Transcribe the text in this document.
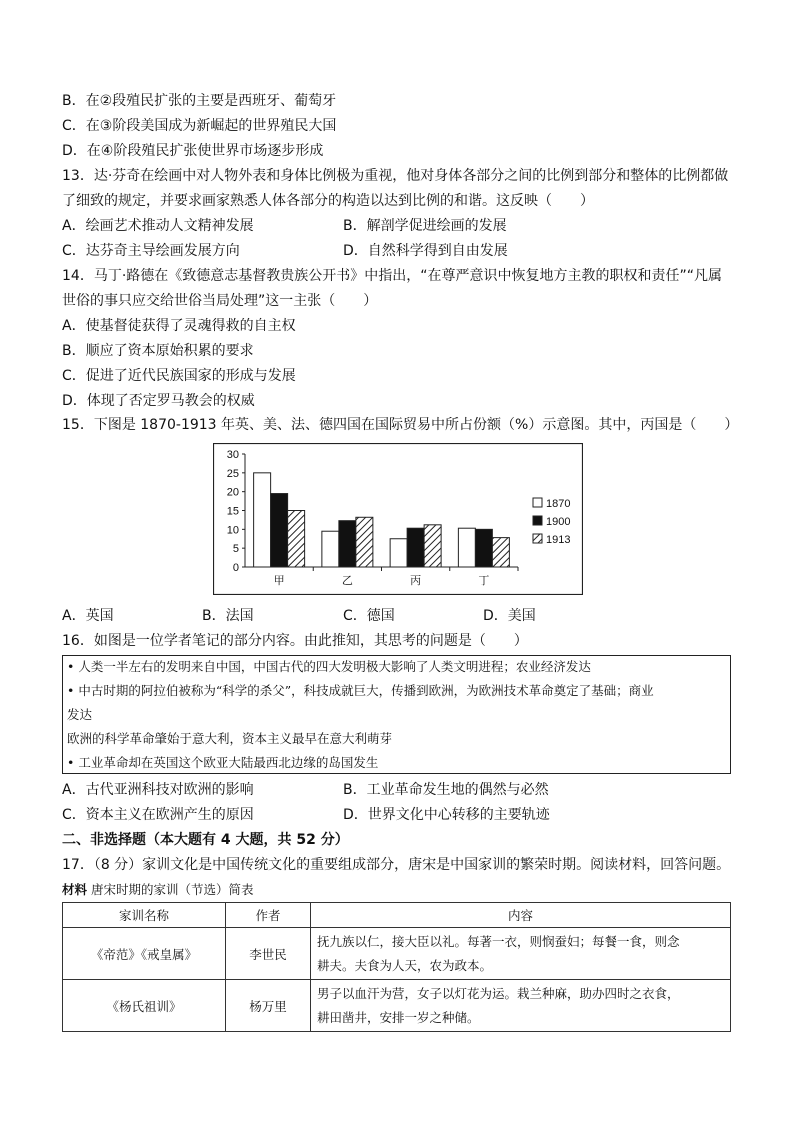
B．在②段殖民扩张的主要是西班牙、葡萄牙
C．在③阶段美国成为新崛起的世界殖民大国
D．在④阶段殖民扩张使世界市场逐步形成
13．达·芬奇在绘画中对人物外表和身体比例极为重视，他对身体各部分之间的比例到部分和整体的比例都做
了细致的规定，并要求画家熟悉人体各部分的构造以达到比例的和谐。这反映（　　）
A．绘画艺术推动人文精神发展	B．解剖学促进绘画的发展
C．达芬奇主导绘画发展方向	D．自然科学得到自由发展
14．马丁·路德在《致德意志基督教贵族公开书》中指出，“在尊严意识中恢复地方主教的职权和责任”“凡属
世俗的事只应交给世俗当局处理”这一主张（　　）
A．使基督徒获得了灵魂得救的自主权
B．顺应了资本原始积累的要求
C．促进了近代民族国家的形成与发展
D．体现了否定罗马教会的权威
15．下图是 1870-1913 年英、美、法、德四国在国际贸易中所占份额（%）示意图。其中，丙国是（　　）
0
5
10
15
20
25
30
甲	乙	丙	丁
1870
1900
1913
A．英国	B．法国	C．德国	D．美国
16．如图是一位学者笔记的部分内容。由此推知，其思考的问题是（　　）
• 人类一半左右的发明来自中国，中国古代的四大发明极大影响了人类文明进程；农业经济发达
• 中古时期的阿拉伯被称为“科学的杀父”，科技成就巨大，传播到欧洲，为欧洲技术革命奠定了基础；商业
发达
欧洲的科学革命肇始于意大利，资本主义最早在意大利萌芽
• 工业革命却在英国这个欧亚大陆最西北边缘的岛国发生
A．古代亚洲科技对欧洲的影响	B．工业革命发生地的偶然与必然
C．资本主义在欧洲产生的原因	D．世界文化中心转移的主要轨迹
二、非选择题（本大题有 4 大题，共 52 分）
17．（8 分）家训文化是中国传统文化的重要组成部分，唐宋是中国家训的繁荣时期。阅读材料，回答问题。
材料 唐宋时期的家训（节选）简表
家训名称	作者	内容
《帝范》《戒皇属》	李世民	抚九族以仁，接大臣以礼。每著一衣，则悯蚕妇；每餐一食，则念
耕夫。夫食为人天，农为政本。

《杨氏祖训》	杨万里	男子以血汗为营，女子以灯花为运。栽兰种麻，助办四时之衣食，
耕田凿井，安排一岁之种储。
